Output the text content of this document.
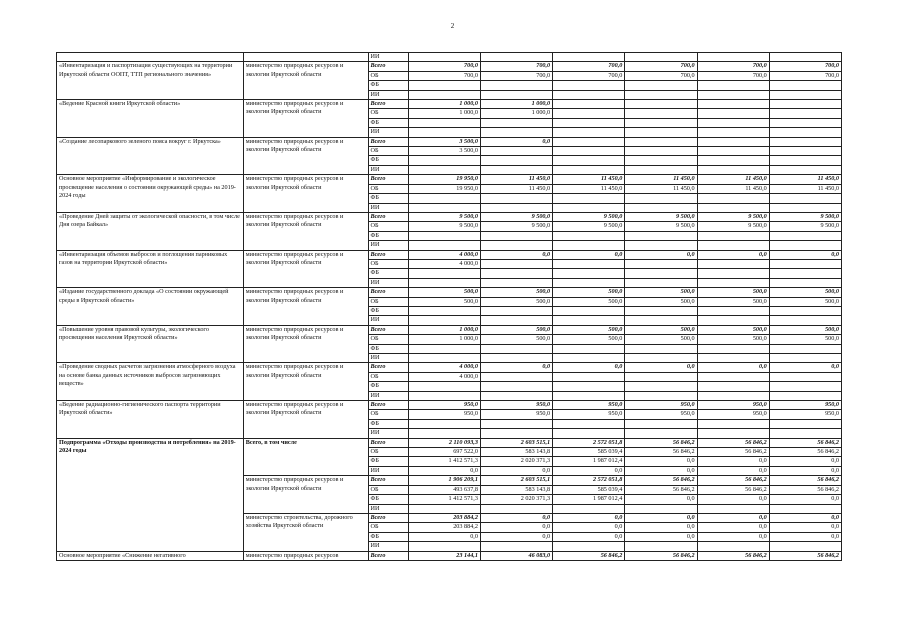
2
		ИИ						
«Инвентаризация и паспортизация существующих на территории Иркутской области ООПТ, ТТП регионального значения»	министерство природных ресурсов и экологии Иркутской области	Всего	700,0	700,0	700,0	700,0	700,0	700,0
		ОБ	700,0	700,0	700,0	700,0	700,0	700,0
		ФБ						
		ИИ						
«Ведение Красной книги Иркутской области»	министерство природных ресурсов и экологии Иркутской области	Всего	1 000,0	1 000,0				
		ОБ	1 000,0	1 000,0				
		ФБ						
		ИИ						
«Создание лесопаркового зеленого пояса вокруг г. Иркутска»	министерство природных ресурсов и экологии Иркутской области	Всего	3 500,0	0,0				
		ОБ	3 500,0					
		ФБ						
		ИИ						
Основное мероприятие «Информирование и экологическое просвещение населения о состоянии окружающей среды» на 2019-2024 годы	министерство природных ресурсов и экологии Иркутской области	Всего	19 950,0	11 450,0	11 450,0	11 450,0	11 450,0	11 450,0
		ОБ	19 950,0	11 450,0	11 450,0	11 450,0	11 450,0	11 450,0
		ФБ						
		ИИ						
«Проведение Дней защиты от экологической опасности, в том числе Дня озера Байкал»	министерство природных ресурсов и экологии Иркутской области	Всего	9 500,0	9 500,0	9 500,0	9 500,0	9 500,0	9 500,0
		ОБ	9 500,0	9 500,0	9 500,0	9 500,0	9 500,0	9 500,0
		ФБ						
		ИИ						
«Инвентаризация объемов выбросов и поглощения парниковых газов на территории Иркутской области»	министерство природных ресурсов и экологии Иркутской области	Всего	4 000,0	0,0	0,0	0,0	0,0	0,0
		ОБ	4 000,0					
		ФБ						
		ИИ						
«Издание государственного доклада «О состоянии окружающей среды в Иркутской области»	министерство природных ресурсов и экологии Иркутской области	Всего	500,0	500,0	500,0	500,0	500,0	500,0
		ОБ	500,0	500,0	500,0	500,0	500,0	500,0
		ФБ						
		ИИ						
«Повышение уровня правовой культуры, экологического просвещения населения Иркутской области»	министерство природных ресурсов и экологии Иркутской области	Всего	1 000,0	500,0	500,0	500,0	500,0	500,0
		ОБ	1 000,0	500,0	500,0	500,0	500,0	500,0
		ФБ						
		ИИ						
«Проведение сводных расчетов загрязнения атмосферного воздуха на основе банка данных источников выбросов загрязняющих веществ»	министерство природных ресурсов и экологии Иркутской области	Всего	4 000,0	0,0	0,0	0,0	0,0	0,0
		ОБ	4 000,0					
		ФБ						
		ИИ						
«Ведение радиационно-гигиенического паспорта территории Иркутской области»	министерство природных ресурсов и экологии Иркутской области	Всего	950,0	950,0	950,0	950,0	950,0	950,0
		ОБ	950,0	950,0	950,0	950,0	950,0	950,0
		ФБ						
		ИИ						
Подпрограмма «Отходы производства и потребления» на 2019-2024 годы	Всего, в том числе	Всего	2 110 093,3	2 603 515,1	2 572 051,8	56 846,2	56 846,2	56 846,2
		ОБ	697 522,0	583 143,8	585 039,4	56 846,2	56 846,2	56 846,2
		ФБ	1 412 571,3	2 020 371,3	1 987 012,4	0,0	0,0	0,0
		ИИ	0,0	0,0	0,0	0,0	0,0	0,0
	министерство природных ресурсов и экологии Иркутской области	Всего	1 906 209,1	2 603 515,1	2 572 051,8	56 846,2	56 846,2	56 846,2
		ОБ	493 637,8	583 143,8	585 039,4	56 846,2	56 846,2	56 846,2
		ФБ	1 412 571,3	2 020 371,3	1 987 012,4	0,0	0,0	0,0
		ИИ						
	министерство строительства, дорожного хозяйства Иркутской области	Всего	203 884,2	0,0	0,0	0,0	0,0	0,0
		ОБ	203 884,2	0,0	0,0	0,0	0,0	0,0
		ФБ	0,0	0,0	0,0	0,0	0,0	0,0
		ИИ						
Основное мероприятие «Снижение негативного	министерство природных ресурсов	Всего	23 144,1	46 083,0	56 846,2	56 846,2	56 846,2	56 846,2
